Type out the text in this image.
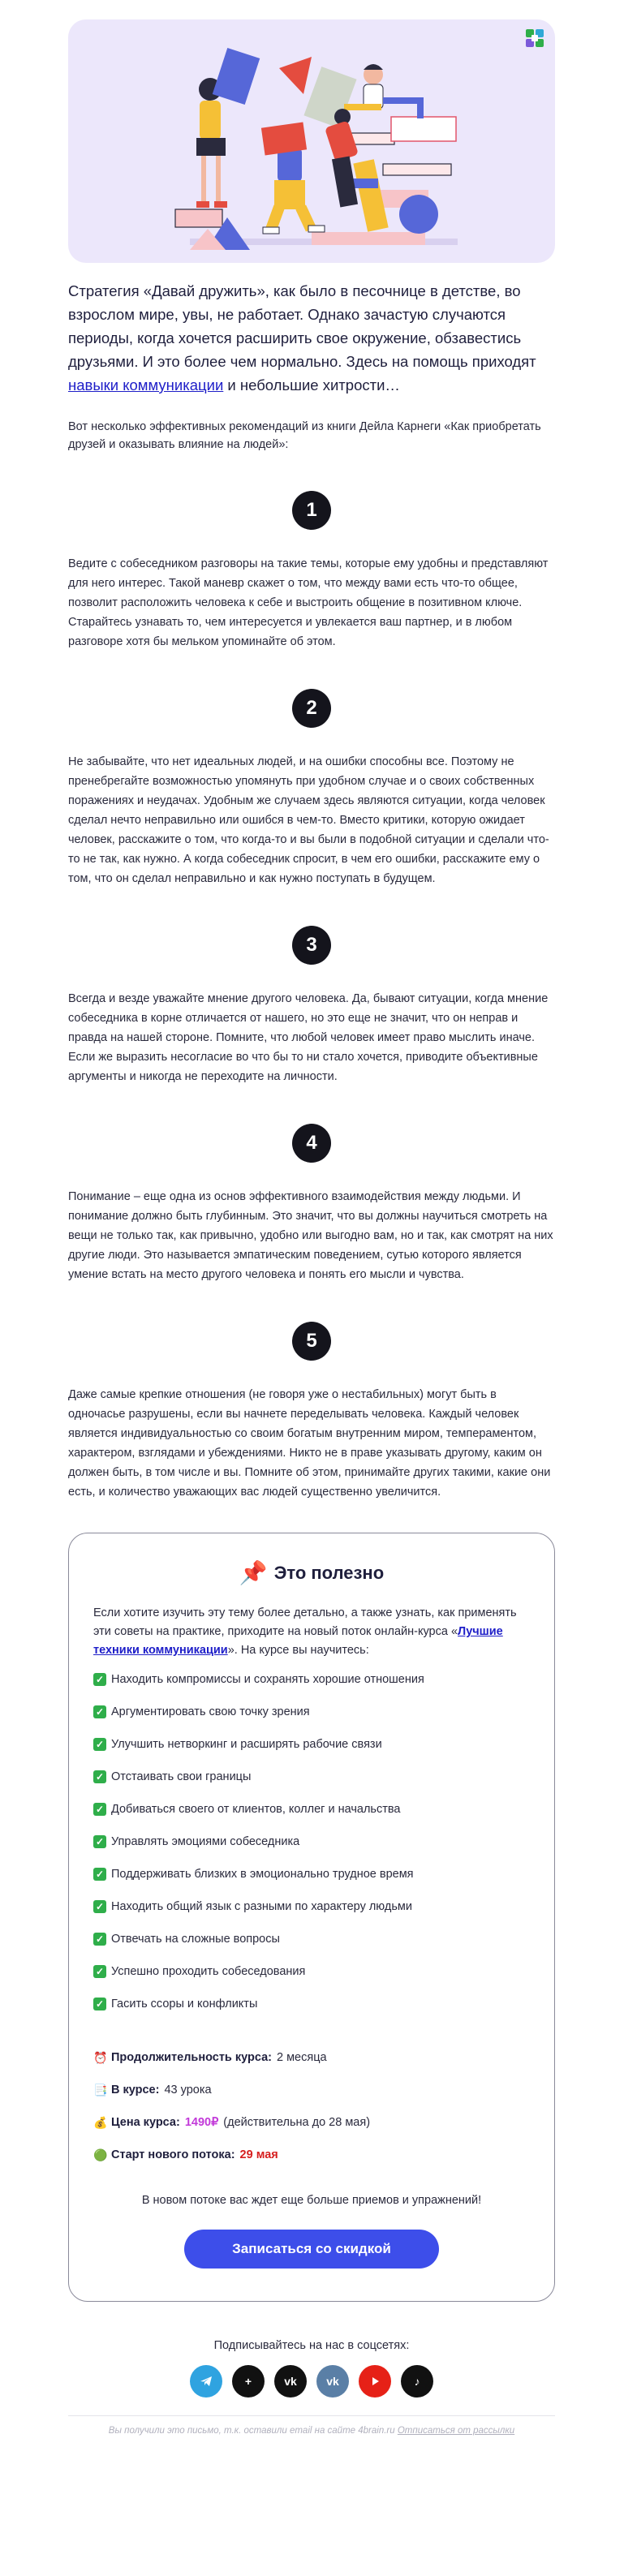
Стратегия «Давай дружить», как было в песочнице в детстве, во взрослом мире, увы, не работает. Однако зачастую случаются периоды, когда хочется расширить свое окружение, обзавестись друзьями. И это более чем нормально. Здесь на помощь приходят навыки коммуникации и небольшие хитрости…
Вот несколько эффективных рекомендаций из книги Дейла Карнеги «Как приобретать друзей и оказывать влияние на людей»:
1

Ведите с собеседником разговоры на такие темы, которые ему удобны и представляют для него интерес. Такой маневр скажет о том, что между вами есть что-то общее, позволит расположить человека к себе и выстроить общение в позитивном ключе. Старайтесь узнавать то, чем интересуется и увлекается ваш партнер, и в любом разговоре хотя бы мельком упоминайте об этом.

2

Не забывайте, что нет идеальных людей, и на ошибки способны все. Поэтому не пренебрегайте возможностью упомянуть при удобном случае и о своих собственных поражениях и неудачах. Удобным же случаем здесь являются ситуации, когда человек сделал нечто неправильно или ошибся в чем-то. Вместо критики, которую ожидает человек, расскажите о том, что когда-то и вы были в подобной ситуации и сделали что-то не так, как нужно. А когда собеседник спросит, в чем его ошибки, расскажите ему о том, что он сделал неправильно и как нужно поступать в будущем.

3

Всегда и везде уважайте мнение другого человека. Да, бывают ситуации, когда мнение собеседника в корне отличается от нашего, но это еще не значит, что он неправ и правда на нашей стороне. Помните, что любой человек имеет право мыслить иначе. Если же выразить несогласие во что бы то ни стало хочется, приводите объективные аргументы и никогда не переходите на личности.

4

Понимание – еще одна из основ эффективного взаимодействия между людьми. И понимание должно быть глубинным. Это значит, что вы должны научиться смотреть на вещи не только так, как привычно, удобно или выгодно вам, но и так, как смотрят на них другие люди. Это называется эмпатическим поведением, сутью которого является умение встать на место другого человека и понять его мысли и чувства.

5

Даже самые крепкие отношения (не говоря уже о нестабильных) могут быть в одночасье разрушены, если вы начнете переделывать человека. Каждый человек является индивидуальностью со своим богатым внутренним миром, темпераментом, характером, взглядами и убеждениями. Никто не в праве указывать другому, каким он должен быть, в том числе и вы. Помните об этом, принимайте других такими, какие они есть, и количество уважающих вас людей существенно увеличится.

📌 Это полезно
Если хотите изучить эту тему более детально, а также узнать, как применять эти советы на практике, приходите на новый поток онлайн-курса «Лучшие техники коммуникации». На курсе вы научитесь:
✓ Находить компромиссы и сохранять хорошие отношения
✓ Аргументировать свою точку зрения
✓ Улучшить нетворкинг и расширять рабочие связи
✓ Отстаивать свои границы
✓ Добиваться своего от клиентов, коллег и начальства
✓ Управлять эмоциями собеседника
✓ Поддерживать близких в эмоционально трудное время
✓ Находить общий язык с разными по характеру людьми
✓ Отвечать на сложные вопросы
✓ Успешно проходить собеседования
✓ Гасить ссоры и конфликты
⏰ Продолжительность курса: 2 месяца
📑 В курсе: 43 урока
💰 Цена курса: 1490₽ (действительна до 28 мая)
🟢 Старт нового потока: 29 мая
В новом потоке вас ждет еще больше приемов и упражнений!
Записаться со скидкой
Подписывайтесь на нас в соцсетях:
+	vk	vk	♪
Вы получили это письмо, т.к. оставили email на сайте 4brain.ru Отписаться от рассылки
